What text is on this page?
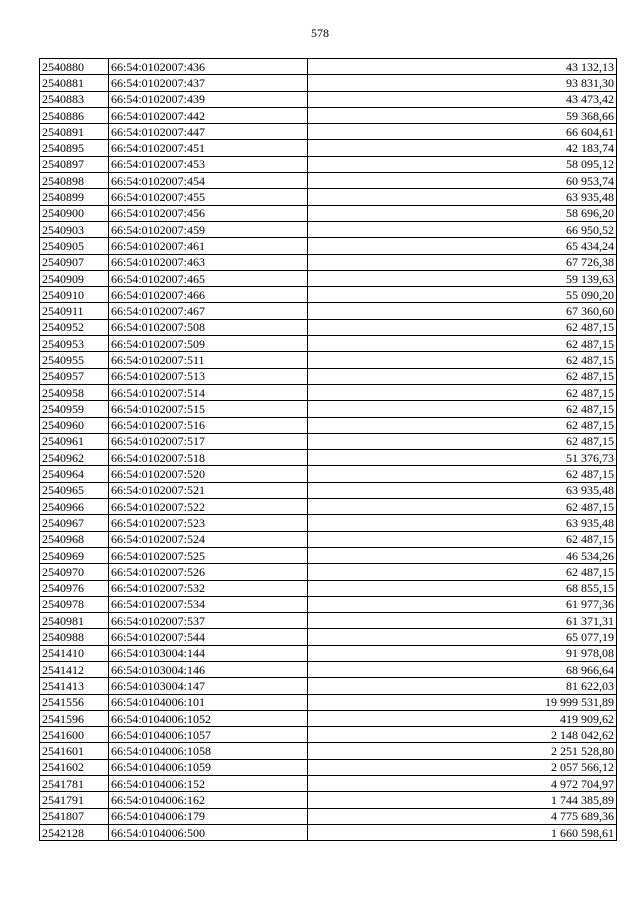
578
2540880	66:54:0102007:436	43 132,13
2540881	66:54:0102007:437	93 831,30
2540883	66:54:0102007:439	43 473,42
2540886	66:54:0102007:442	59 368,66
2540891	66:54:0102007:447	66 604,61
2540895	66:54:0102007:451	42 183,74
2540897	66:54:0102007:453	58 095,12
2540898	66:54:0102007:454	60 953,74
2540899	66:54:0102007:455	63 935,48
2540900	66:54:0102007:456	58 696,20
2540903	66:54:0102007:459	66 950,52
2540905	66:54:0102007:461	65 434,24
2540907	66:54:0102007:463	67 726,38
2540909	66:54:0102007:465	59 139,63
2540910	66:54:0102007:466	55 090,20
2540911	66:54:0102007:467	67 360,60
2540952	66:54:0102007:508	62 487,15
2540953	66:54:0102007:509	62 487,15
2540955	66:54:0102007:511	62 487,15
2540957	66:54:0102007:513	62 487,15
2540958	66:54:0102007:514	62 487,15
2540959	66:54:0102007:515	62 487,15
2540960	66:54:0102007:516	62 487,15
2540961	66:54:0102007:517	62 487,15
2540962	66:54:0102007:518	51 376,73
2540964	66:54:0102007:520	62 487,15
2540965	66:54:0102007:521	63 935,48
2540966	66:54:0102007:522	62 487,15
2540967	66:54:0102007:523	63 935,48
2540968	66:54:0102007:524	62 487,15
2540969	66:54:0102007:525	46 534,26
2540970	66:54:0102007:526	62 487,15
2540976	66:54:0102007:532	68 855,15
2540978	66:54:0102007:534	61 977,36
2540981	66:54:0102007:537	61 371,31
2540988	66:54:0102007:544	65 077,19
2541410	66:54:0103004:144	91 978,08
2541412	66:54:0103004:146	68 966,64
2541413	66:54:0103004:147	81 622,03
2541556	66:54:0104006:101	19 999 531,89
2541596	66:54:0104006:1052	419 909,62
2541600	66:54:0104006:1057	2 148 042,62
2541601	66:54:0104006:1058	2 251 528,80
2541602	66:54:0104006:1059	2 057 566,12
2541781	66:54:0104006:152	4 972 704,97
2541791	66:54:0104006:162	1 744 385,89
2541807	66:54:0104006:179	4 775 689,36
2542128	66:54:0104006:500	1 660 598,61
